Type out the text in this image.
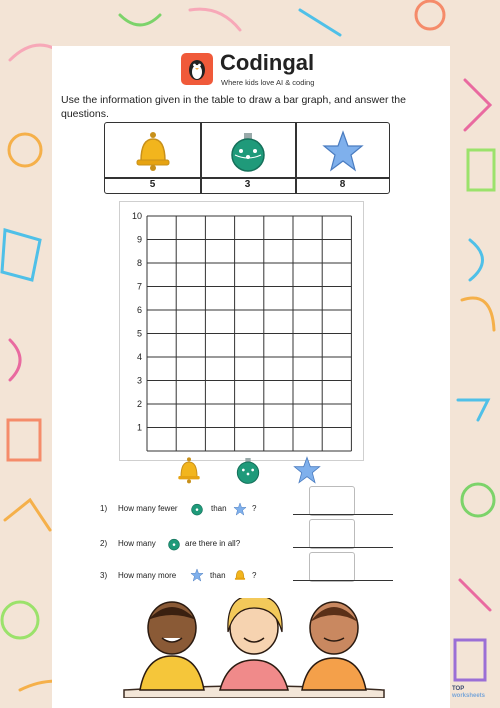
Codingal
Where kids love AI & coding
Use the information given in the table to draw a bar graph, and answer the questions.
5	3	8
10
9
8
7
6
5
4
3
2
1
1) How many fewer	than	?
2) How many	are there in all?
3) How many more	than	?
TOP
worksheets
